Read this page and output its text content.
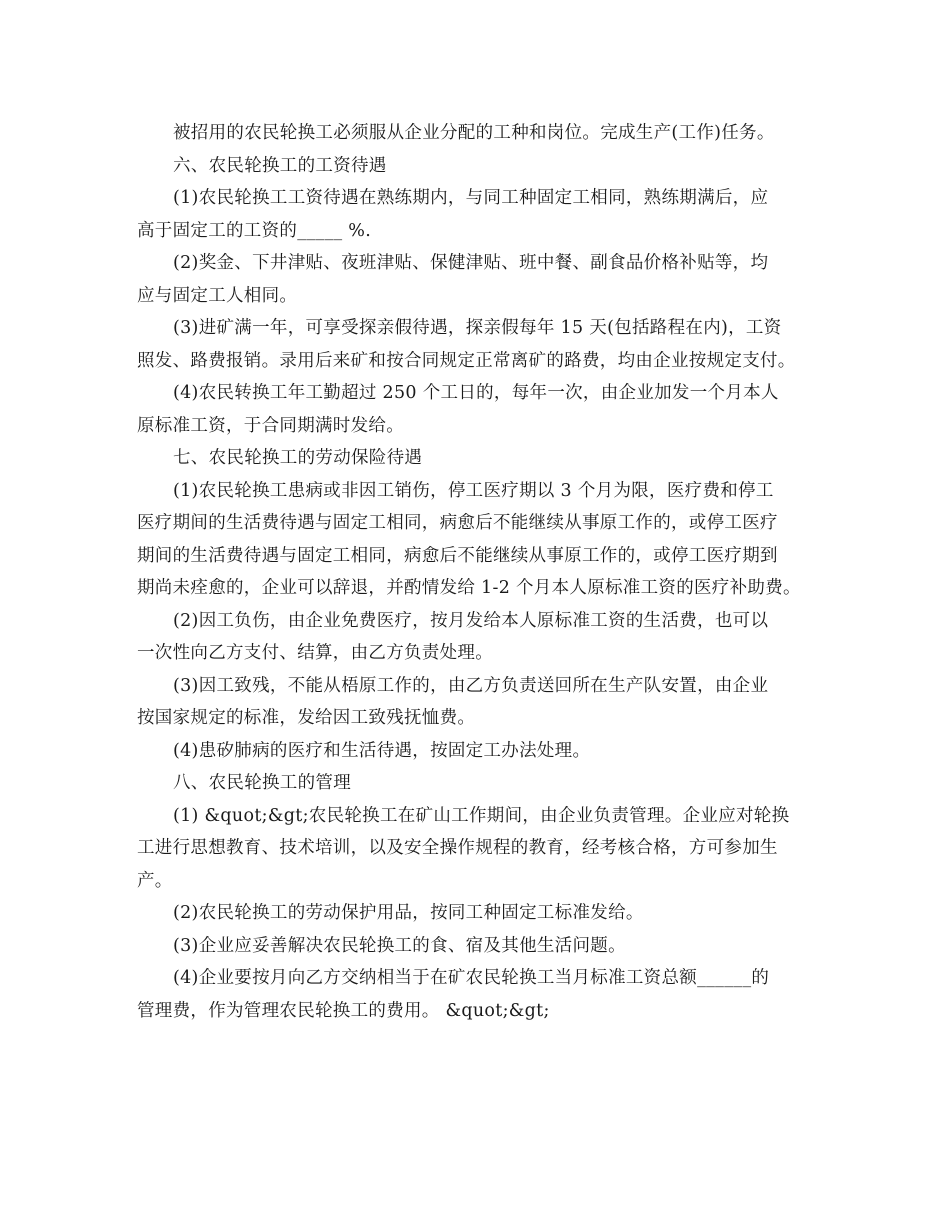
被招用的农民轮换工必须服从企业分配的工种和岗位。完成生产(工作)任务。

六、农民轮换工的工资待遇

(1)农民轮换工工资待遇在熟练期内，与同工种固定工相同，熟练期满后，应

高于固定工的工资的_____ %.

(2)奖金、下井津贴、夜班津贴、保健津贴、班中餐、副食品价格补贴等，均

应与固定工人相同。

(3)进矿满一年，可享受探亲假待遇，探亲假每年 15 天(包括路程在内)，工资

照发、路费报销。录用后来矿和按合同规定正常离矿的路费，均由企业按规定支付。

(4)农民转换工年工勤超过 250 个工日的，每年一次，由企业加发一个月本人

原标准工资，于合同期满时发给。

七、农民轮换工的劳动保险待遇

(1)农民轮换工患病或非因工销伤，停工医疗期以 3 个月为限，医疗费和停工

医疗期间的生活费待遇与固定工相同，病愈后不能继续从事原工作的，或停工医疗

期间的生活费待遇与固定工相同，病愈后不能继续从事原工作的，或停工医疗期到

期尚未痊愈的，企业可以辞退，并酌情发给 1-2 个月本人原标准工资的医疗补助费。

(2)因工负伤，由企业免费医疗，按月发给本人原标准工资的生活费，也可以

一次性向乙方支付、结算，由乙方负责处理。

(3)因工致残，不能从梧原工作的，由乙方负责送回所在生产队安置，由企业

按国家规定的标准，发给因工致残抚恤费。

(4)患矽肺病的医疗和生活待遇，按固定工办法处理。

八、农民轮换工的管理

(1) &quot;&gt;农民轮换工在矿山工作期间，由企业负责管理。企业应对轮换

工进行思想教育、技术培训，以及安全操作规程的教育，经考核合格，方可参加生

产。

(2)农民轮换工的劳动保护用品，按同工种固定工标准发给。

(3)企业应妥善解决农民轮换工的食、宿及其他生活问题。

(4)企业要按月向乙方交纳相当于在矿农民轮换工当月标准工资总额______的

管理费，作为管理农民轮换工的费用。 &quot;&gt;
